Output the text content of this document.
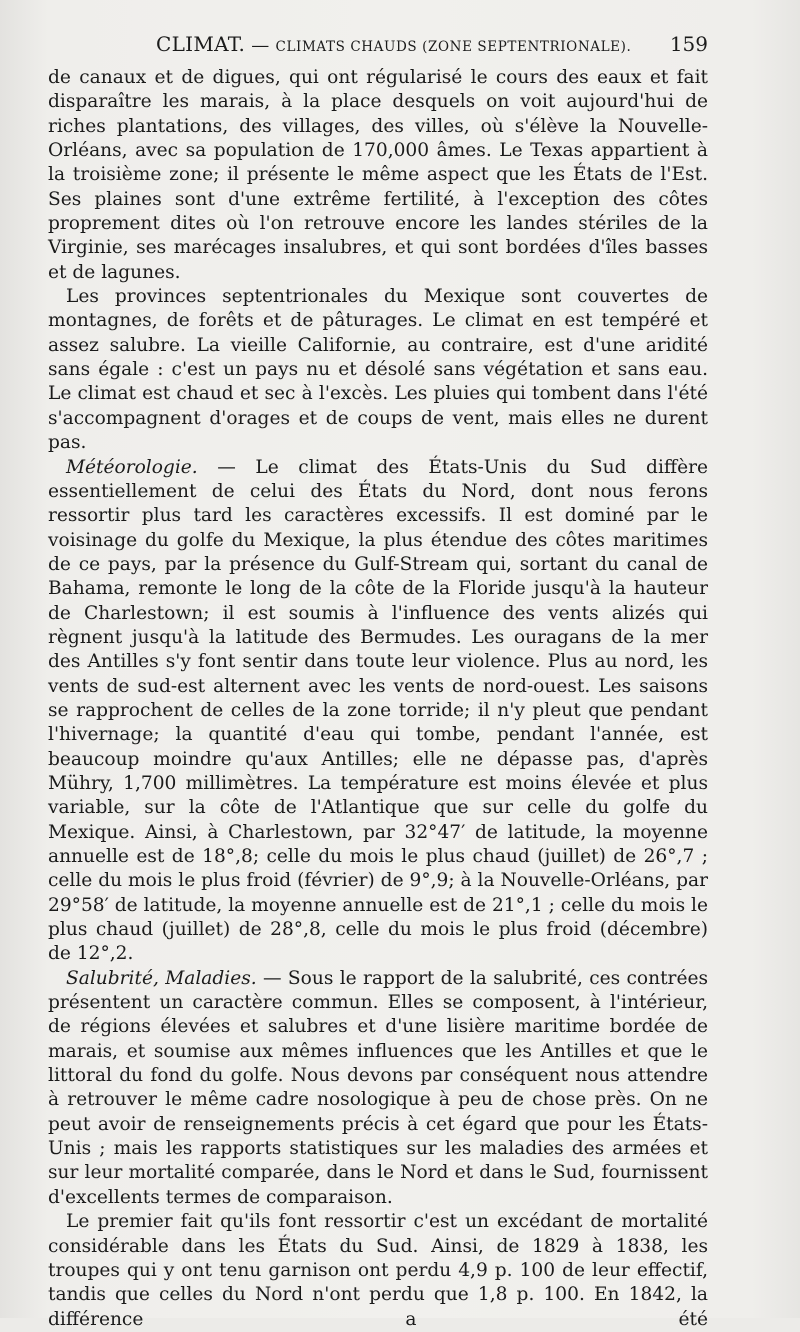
CLIMAT. — CLIMATS CHAUDS (ZONE SEPTENTRIONALE). 159

de canaux et de digues, qui ont régularisé le cours des eaux et fait disparaître les marais, à la place desquels on voit aujourd'hui de riches plantations, des villages, des villes, où s'élève la Nouvelle-Orléans, avec sa population de 170,000 âmes. Le Texas appartient à la troisième zone; il présente le même aspect que les États de l'Est. Ses plaines sont d'une extrême fertilité, à l'exception des côtes proprement dites où l'on retrouve encore les landes stériles de la Virginie, ses marécages insalubres, et qui sont bordées d'îles basses et de lagunes.

Les provinces septentrionales du Mexique sont couvertes de montagnes, de forêts et de pâturages. Le climat en est tempéré et assez salubre. La vieille Californie, au contraire, est d'une aridité sans égale : c'est un pays nu et désolé sans végétation et sans eau. Le climat est chaud et sec à l'excès. Les pluies qui tombent dans l'été s'accompagnent d'orages et de coups de vent, mais elles ne durent pas.

Météorologie. — Le climat des États-Unis du Sud diffère essentiellement de celui des États du Nord, dont nous ferons ressortir plus tard les caractères excessifs. Il est dominé par le voisinage du golfe du Mexique, la plus étendue des côtes maritimes de ce pays, par la présence du Gulf-Stream qui, sortant du canal de Bahama, remonte le long de la côte de la Floride jusqu'à la hauteur de Charlestown; il est soumis à l'influence des vents alizés qui règnent jusqu'à la latitude des Bermudes. Les ouragans de la mer des Antilles s'y font sentir dans toute leur violence. Plus au nord, les vents de sud-est alternent avec les vents de nord-ouest. Les saisons se rapprochent de celles de la zone torride; il n'y pleut que pendant l'hivernage; la quantité d'eau qui tombe, pendant l'année, est beaucoup moindre qu'aux Antilles; elle ne dépasse pas, d'après Mühry, 1,700 millimètres. La température est moins élevée et plus variable, sur la côte de l'Atlantique que sur celle du golfe du Mexique. Ainsi, à Charlestown, par 32°47′ de latitude, la moyenne annuelle est de 18°,8; celle du mois le plus chaud (juillet) de 26°,7 ; celle du mois le plus froid (février) de 9°,9; à la Nouvelle-Orléans, par 29°58′ de latitude, la moyenne annuelle est de 21°,1 ; celle du mois le plus chaud (juillet) de 28°,8, celle du mois le plus froid (décembre) de 12°,2.

Salubrité, Maladies. — Sous le rapport de la salubrité, ces contrées présentent un caractère commun. Elles se composent, à l'intérieur, de régions élevées et salubres et d'une lisière maritime bordée de marais, et soumise aux mêmes influences que les Antilles et que le littoral du fond du golfe. Nous devons par conséquent nous attendre à retrouver le même cadre nosologique à peu de chose près. On ne peut avoir de renseignements précis à cet égard que pour les États-Unis ; mais les rapports statistiques sur les maladies des armées et sur leur mortalité comparée, dans le Nord et dans le Sud, fournissent d'excellents termes de comparaison.

Le premier fait qu'ils font ressortir c'est un excédant de mortalité considérable dans les États du Sud. Ainsi, de 1829 à 1838, les troupes qui y ont tenu garnison ont perdu 4,9 p. 100 de leur effectif, tandis que celles du Nord n'ont perdu que 1,8 p. 100. En 1842, la différence a été
